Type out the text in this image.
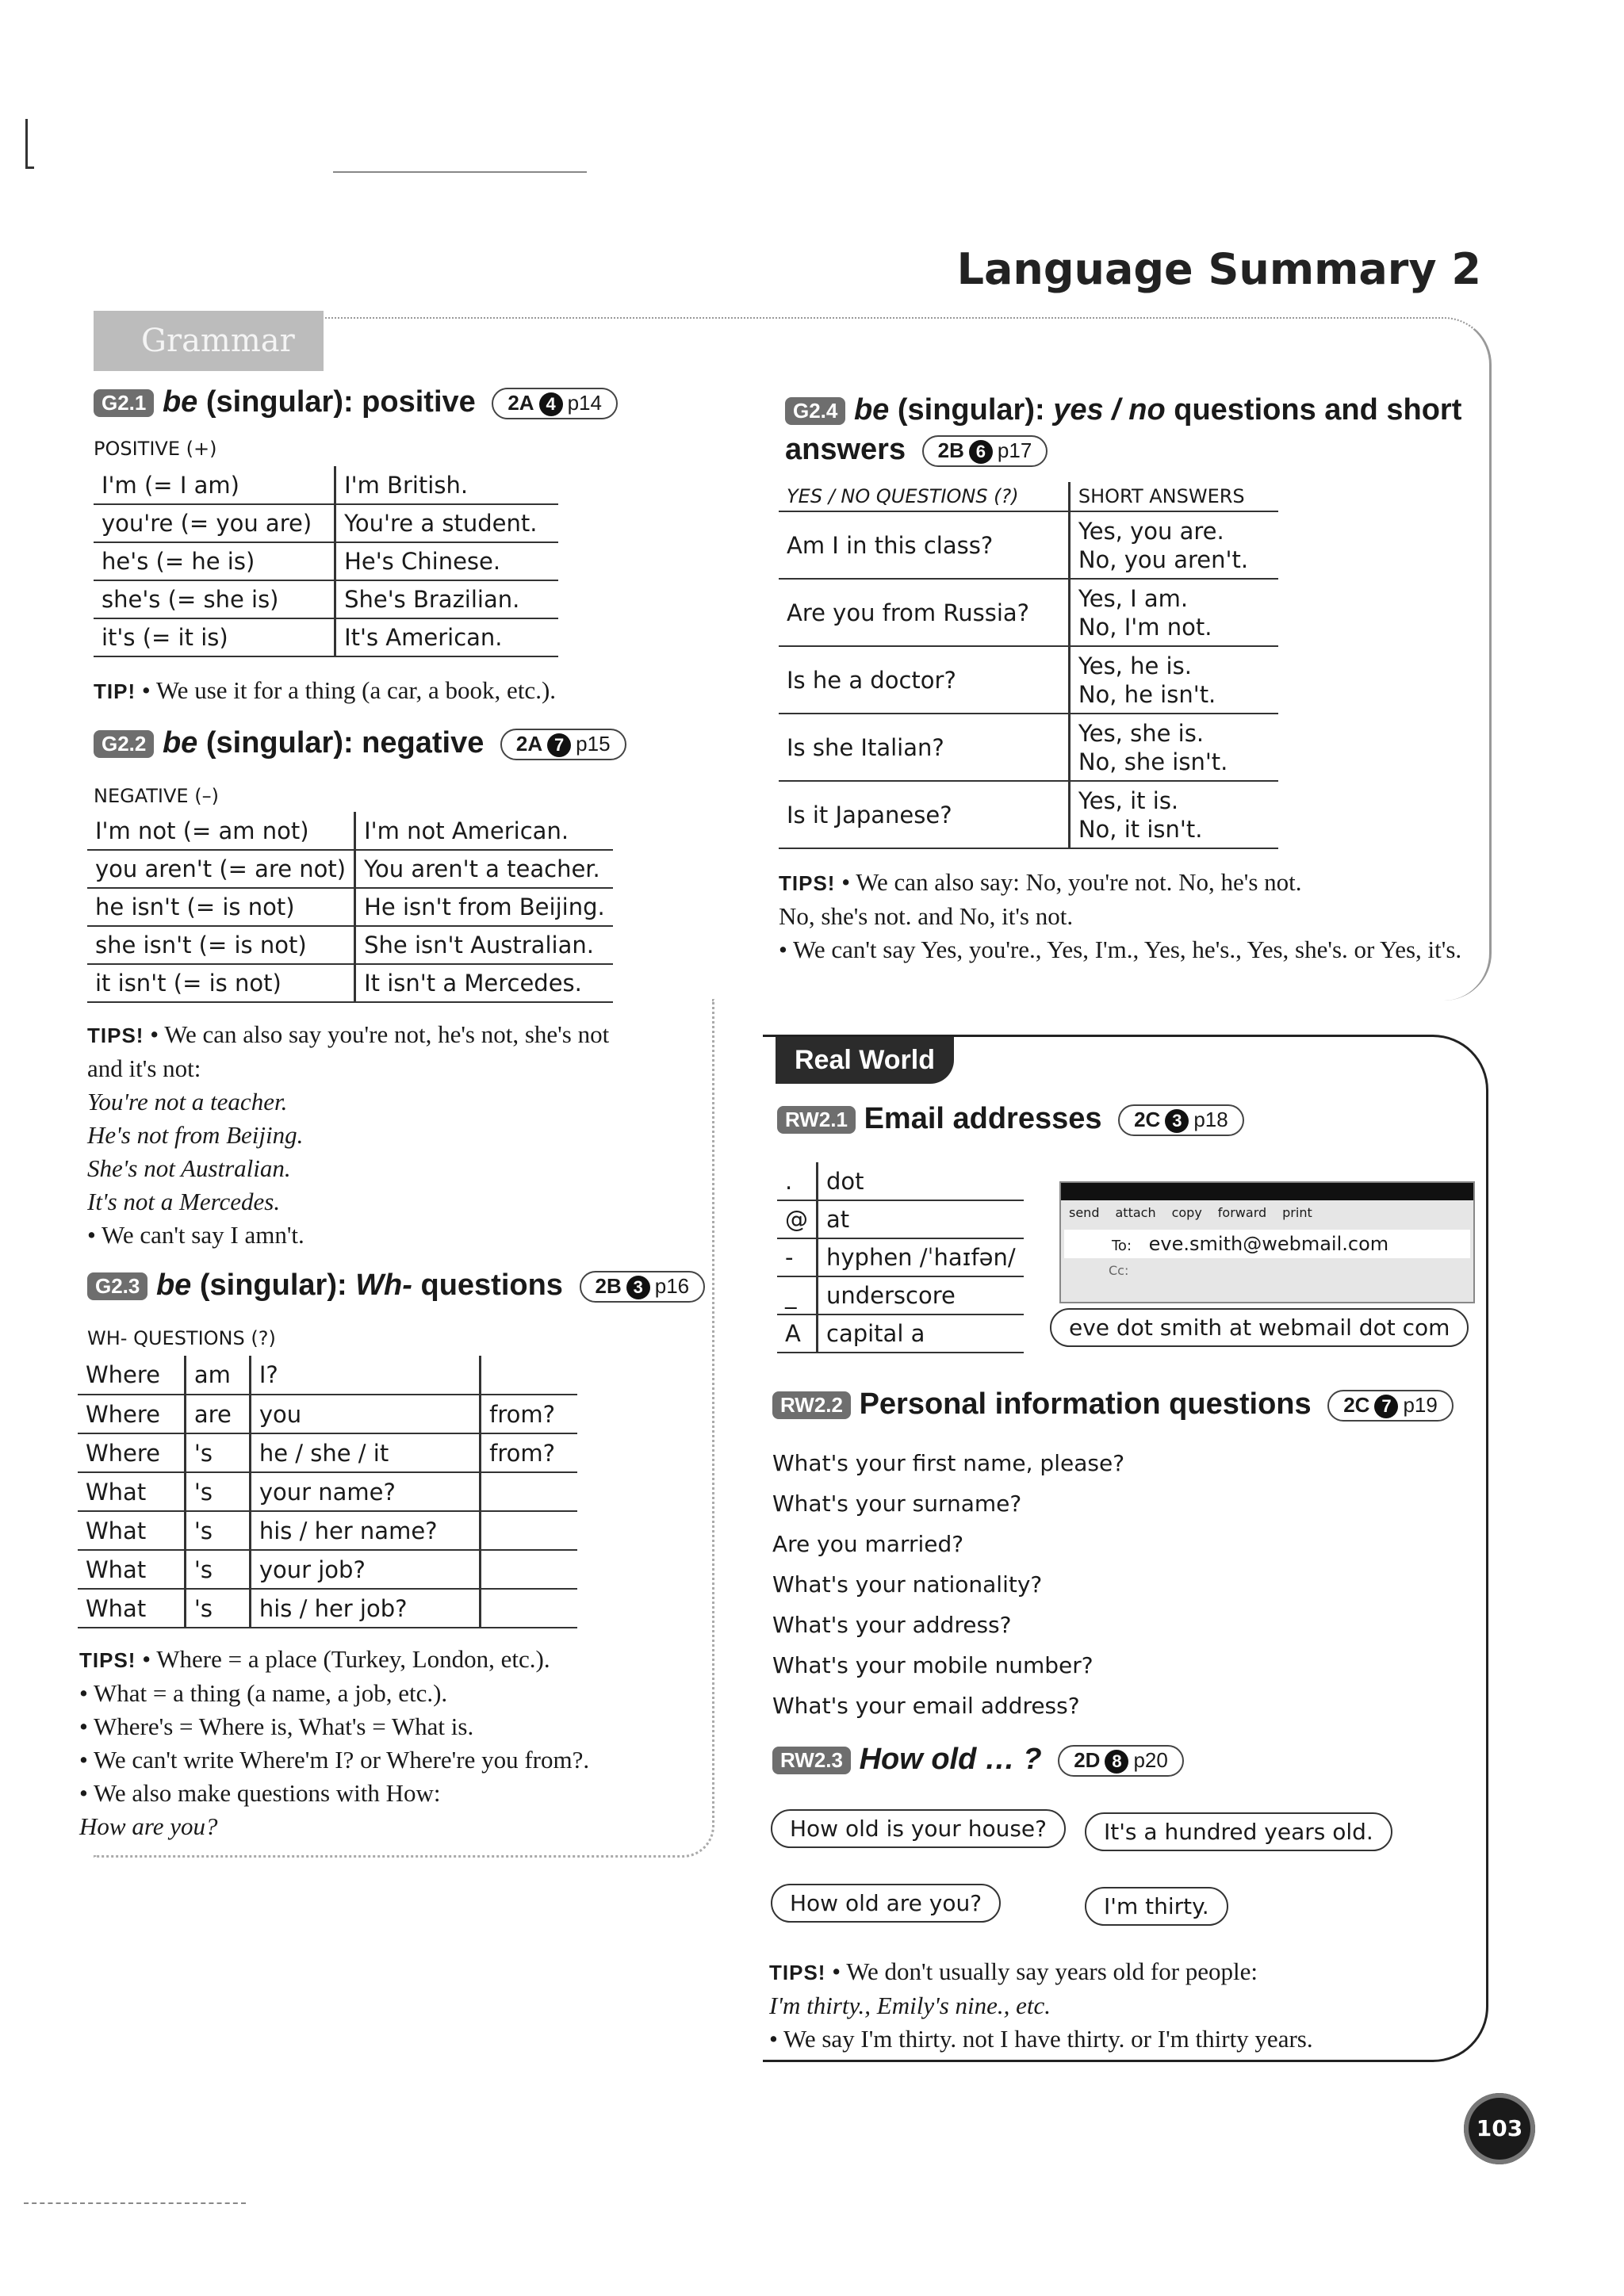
Language Summary 2
Grammar
G2.1 be (singular): positive 2A 4 p14
POSITIVE (+)
I'm (= I am)	I'm British.
you're (= you are)	You're a student.
he's (= he is)	He's Chinese.
she's (= she is)	She's Brazilian.
it's (= it is)	It's American.
TIP! • We use it for a thing (a car, a book, etc.).
G2.2 be (singular): negative 2A 7 p15
NEGATIVE (–)
I'm not (= am not)	I'm not American.
you aren't (= are not)	You aren't a teacher.
he isn't (= is not)	He isn't from Beijing.
she isn't (= is not)	She isn't Australian.
it isn't (= is not)	It isn't a Mercedes.
TIPS! • We can also say you're not, he's not, she's not
and it's not:
You're not a teacher.
He's not from Beijing.
She's not Australian.
It's not a Mercedes.
• We can't say I amn't.
G2.3 be (singular): Wh- questions 2B 3 p16
WH- QUESTIONS (?)
Where	am	I?	
Where	are	you	from?
Where	's	he / she / it	from?
What	's	your name?	
What	's	his / her name?	
What	's	your job?	
What	's	his / her job?	
TIPS! • Where = a place (Turkey, London, etc.).
• What = a thing (a name, a job, etc.).
• Where's = Where is, What's = What is.
• We can't write Where'm I? or Where're you from?.
• We also make questions with How:
How are you?
G2.4 be (singular): yes / no questions and short
answers 2B 6 p17
YES / NO QUESTIONS (?)	SHORT ANSWERS
Am I in this class?	Yes, you are.
No, you aren't.

Are you from Russia?	Yes, I am.
No, I'm not.

Is he a doctor?	Yes, he is.
No, he isn't.

Is she Italian?	Yes, she is.
No, she isn't.

Is it Japanese?	Yes, it is.
No, it isn't.
TIPS! • We can also say: No, you're not. No, he's not.
No, she's not. and No, it's not.
• We can't say Yes, you're., Yes, I'm., Yes, he's., Yes, she's. or Yes, it's.
Real World
RW2.1 Email addresses 2C 3 p18
.	dot
@	at
-	hyphen /ˈhaɪfən/
_	underscore
A	capital a
send attach copy forward print
To: eve.smith@webmail.com
Cc:
eve dot smith at webmail dot com
RW2.2 Personal information questions 2C 7 p19
What's your first name, please?
What's your surname?
Are you married?
What's your nationality?
What's your address?
What's your mobile number?
What's your email address?
RW2.3 How old … ? 2D 8 p20
How old is your house?	It's a hundred years old.
How old are you?	I'm thirty.
TIPS! • We don't usually say years old for people:
I'm thirty., Emily's nine., etc.
• We say I'm thirty. not I have thirty. or I'm thirty years.
103
